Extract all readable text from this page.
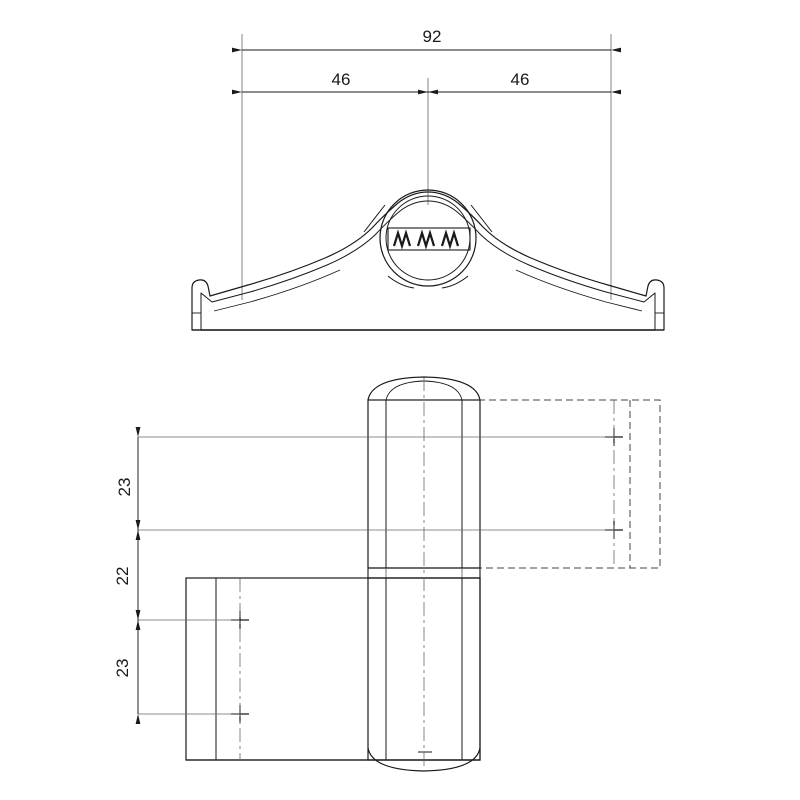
92
46	46
23
22
23
